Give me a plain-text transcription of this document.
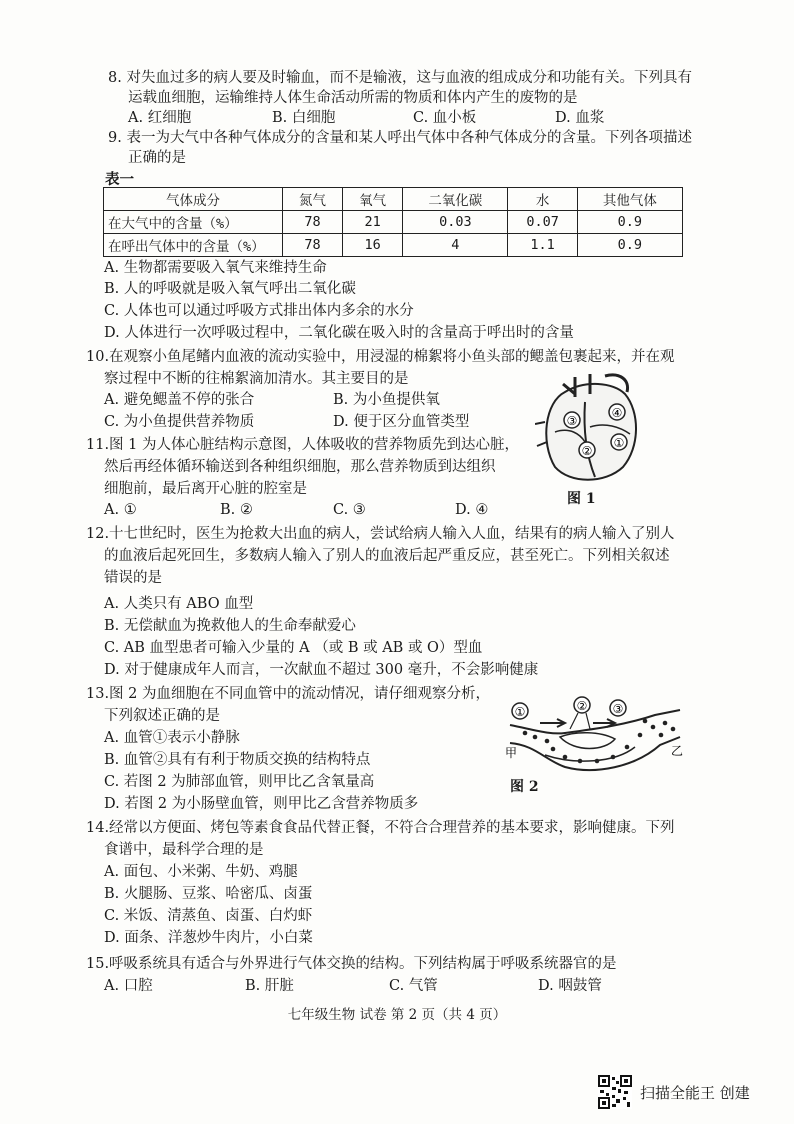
8. 对失血过多的病人要及时输血，而不是输液，这与血液的组成成分和功能有关。下列具有
运载血细胞，运输维持人体生命活动所需的物质和体内产生的废物的是
A. 红细胞	B. 白细胞	C. 血小板	D. 血浆
9. 表一为大气中各种气体成分的含量和某人呼出气体中各种气体成分的含量。下列各项描述
正确的是
表一
气体成分	氮气	氧气	二氧化碳	水	其他气体
在大气中的含量（%）	78	21	0.03	0.07	0.9
在呼出气体中的含量（%）	78	16	4	1.1	0.9
A. 生物都需要吸入氧气来维持生命
B. 人的呼吸就是吸入氧气呼出二氧化碳
C. 人体也可以通过呼吸方式排出体内多余的水分
D. 人体进行一次呼吸过程中，二氧化碳在吸入时的含量高于呼出时的含量
10.在观察小鱼尾鳍内血液的流动实验中，用浸湿的棉絮将小鱼头部的鳃盖包裹起来，并在观
察过程中不断的往棉絮滴加清水。其主要目的是
A. 避免鳃盖不停的张合	B. 为小鱼提供氧
C. 为小鱼提供营养物质	D. 便于区分血管类型
11.图 1 为人体心脏结构示意图，人体吸收的营养物质先到达心脏，
然后再经体循环输送到各种组织细胞，那么营养物质到达组织
细胞前，最后离开心脏的腔室是
A. ①	B. ②	C. ③	D. ④
③
④
②
①
图 1
12.十七世纪时，医生为抢救大出血的病人，尝试给病人输入人血，结果有的病人输入了别人
的血液后起死回生，多数病人输入了别人的血液后起严重反应，甚至死亡。下列相关叙述
错误的是
A. 人类只有 ABO 血型
B. 无偿献血为挽救他人的生命奉献爱心
C. AB 血型患者可输入少量的 A （或 B 或 AB 或 O）型血
D. 对于健康成年人而言，一次献血不超过 300 毫升，不会影响健康
13.图 2 为血细胞在不同血管中的流动情况，请仔细观察分析，
下列叙述正确的是
A. 血管①表示小静脉
B. 血管②具有有利于物质交换的结构特点
C. 若图 2 为肺部血管，则甲比乙含氧量高
D. 若图 2 为小肠壁血管，则甲比乙含营养物质多
①	② ③
甲	乙
图 2
14.经常以方便面、烤包等素食食品代替正餐，不符合合理营养的基本要求，影响健康。下列
食谱中，最科学合理的是
A. 面包、小米粥、牛奶、鸡腿
B. 火腿肠、豆浆、哈密瓜、卤蛋
C. 米饭、清蒸鱼、卤蛋、白灼虾
D. 面条、洋葱炒牛肉片，小白菜
15.呼吸系统具有适合与外界进行气体交换的结构。下列结构属于呼吸系统器官的是
A. 口腔	B. 肝脏	C. 气管	D. 咽鼓管
七年级生物 试卷 第 2 页（共 4 页）
扫描全能王 创建
